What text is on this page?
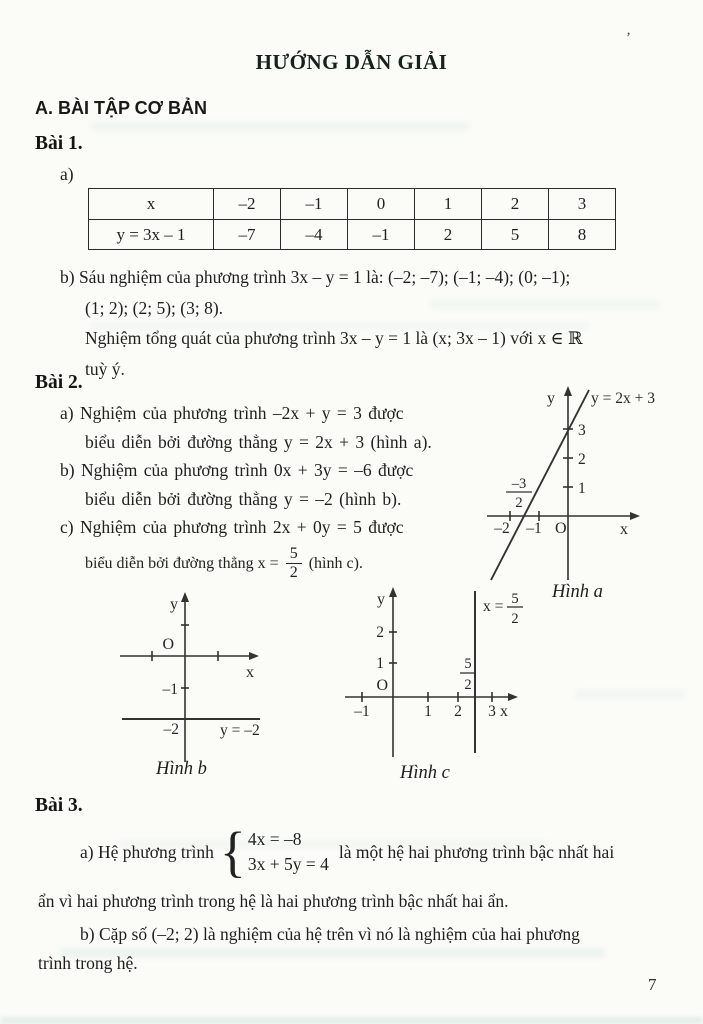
’
HƯỚNG DẪN GIẢI
A. BÀI TẬP CƠ BẢN
Bài 1.
a)
x	–2	–1	0	1	2	3
y = 3x – 1	–7	–4	–1	2	5	8
b) Sáu nghiệm của phương trình 3x – y = 1 là: (–2; –7); (–1; –4); (0; –1);
(1; 2); (2; 5); (3; 8).
Nghiệm tổng quát của phương trình 3x – y = 1 là (x; 3x – 1) với x ∈ ℝ
tuỳ ý.
Bài 2.
a) Nghiệm của phương trình –2x + y = 3 được
biểu diễn bởi đường thẳng y = 2x + 3 (hình a).
b) Nghiệm của phương trình 0x + 3y = –6 được
biểu diễn bởi đường thẳng y = –2 (hình b).
c) Nghiệm của phương trình 2x + 0y = 5 được
biểu diễn bởi đường thẳng $x = \frac{5}{2}$ (hình c).
y = 2x + 3
y
x
O
3
2
1
–2 –1
–3
2
Hình a
y
x
O
–1
–2	y = –2
Hình b
y
x
O
2
1
–1	1 2 3
x = 5
2
5
2
Hình c
Bài 3.
a) Hệ phương trình { 4x = –8
3x + 5y = 4
là một hệ hai phương trình bậc nhất hai
ẩn vì hai phương trình trong hệ là hai phương trình bậc nhất hai ẩn.
b) Cặp số (–2; 2) là nghiệm của hệ trên vì nó là nghiệm của hai phương
trình trong hệ.
7
